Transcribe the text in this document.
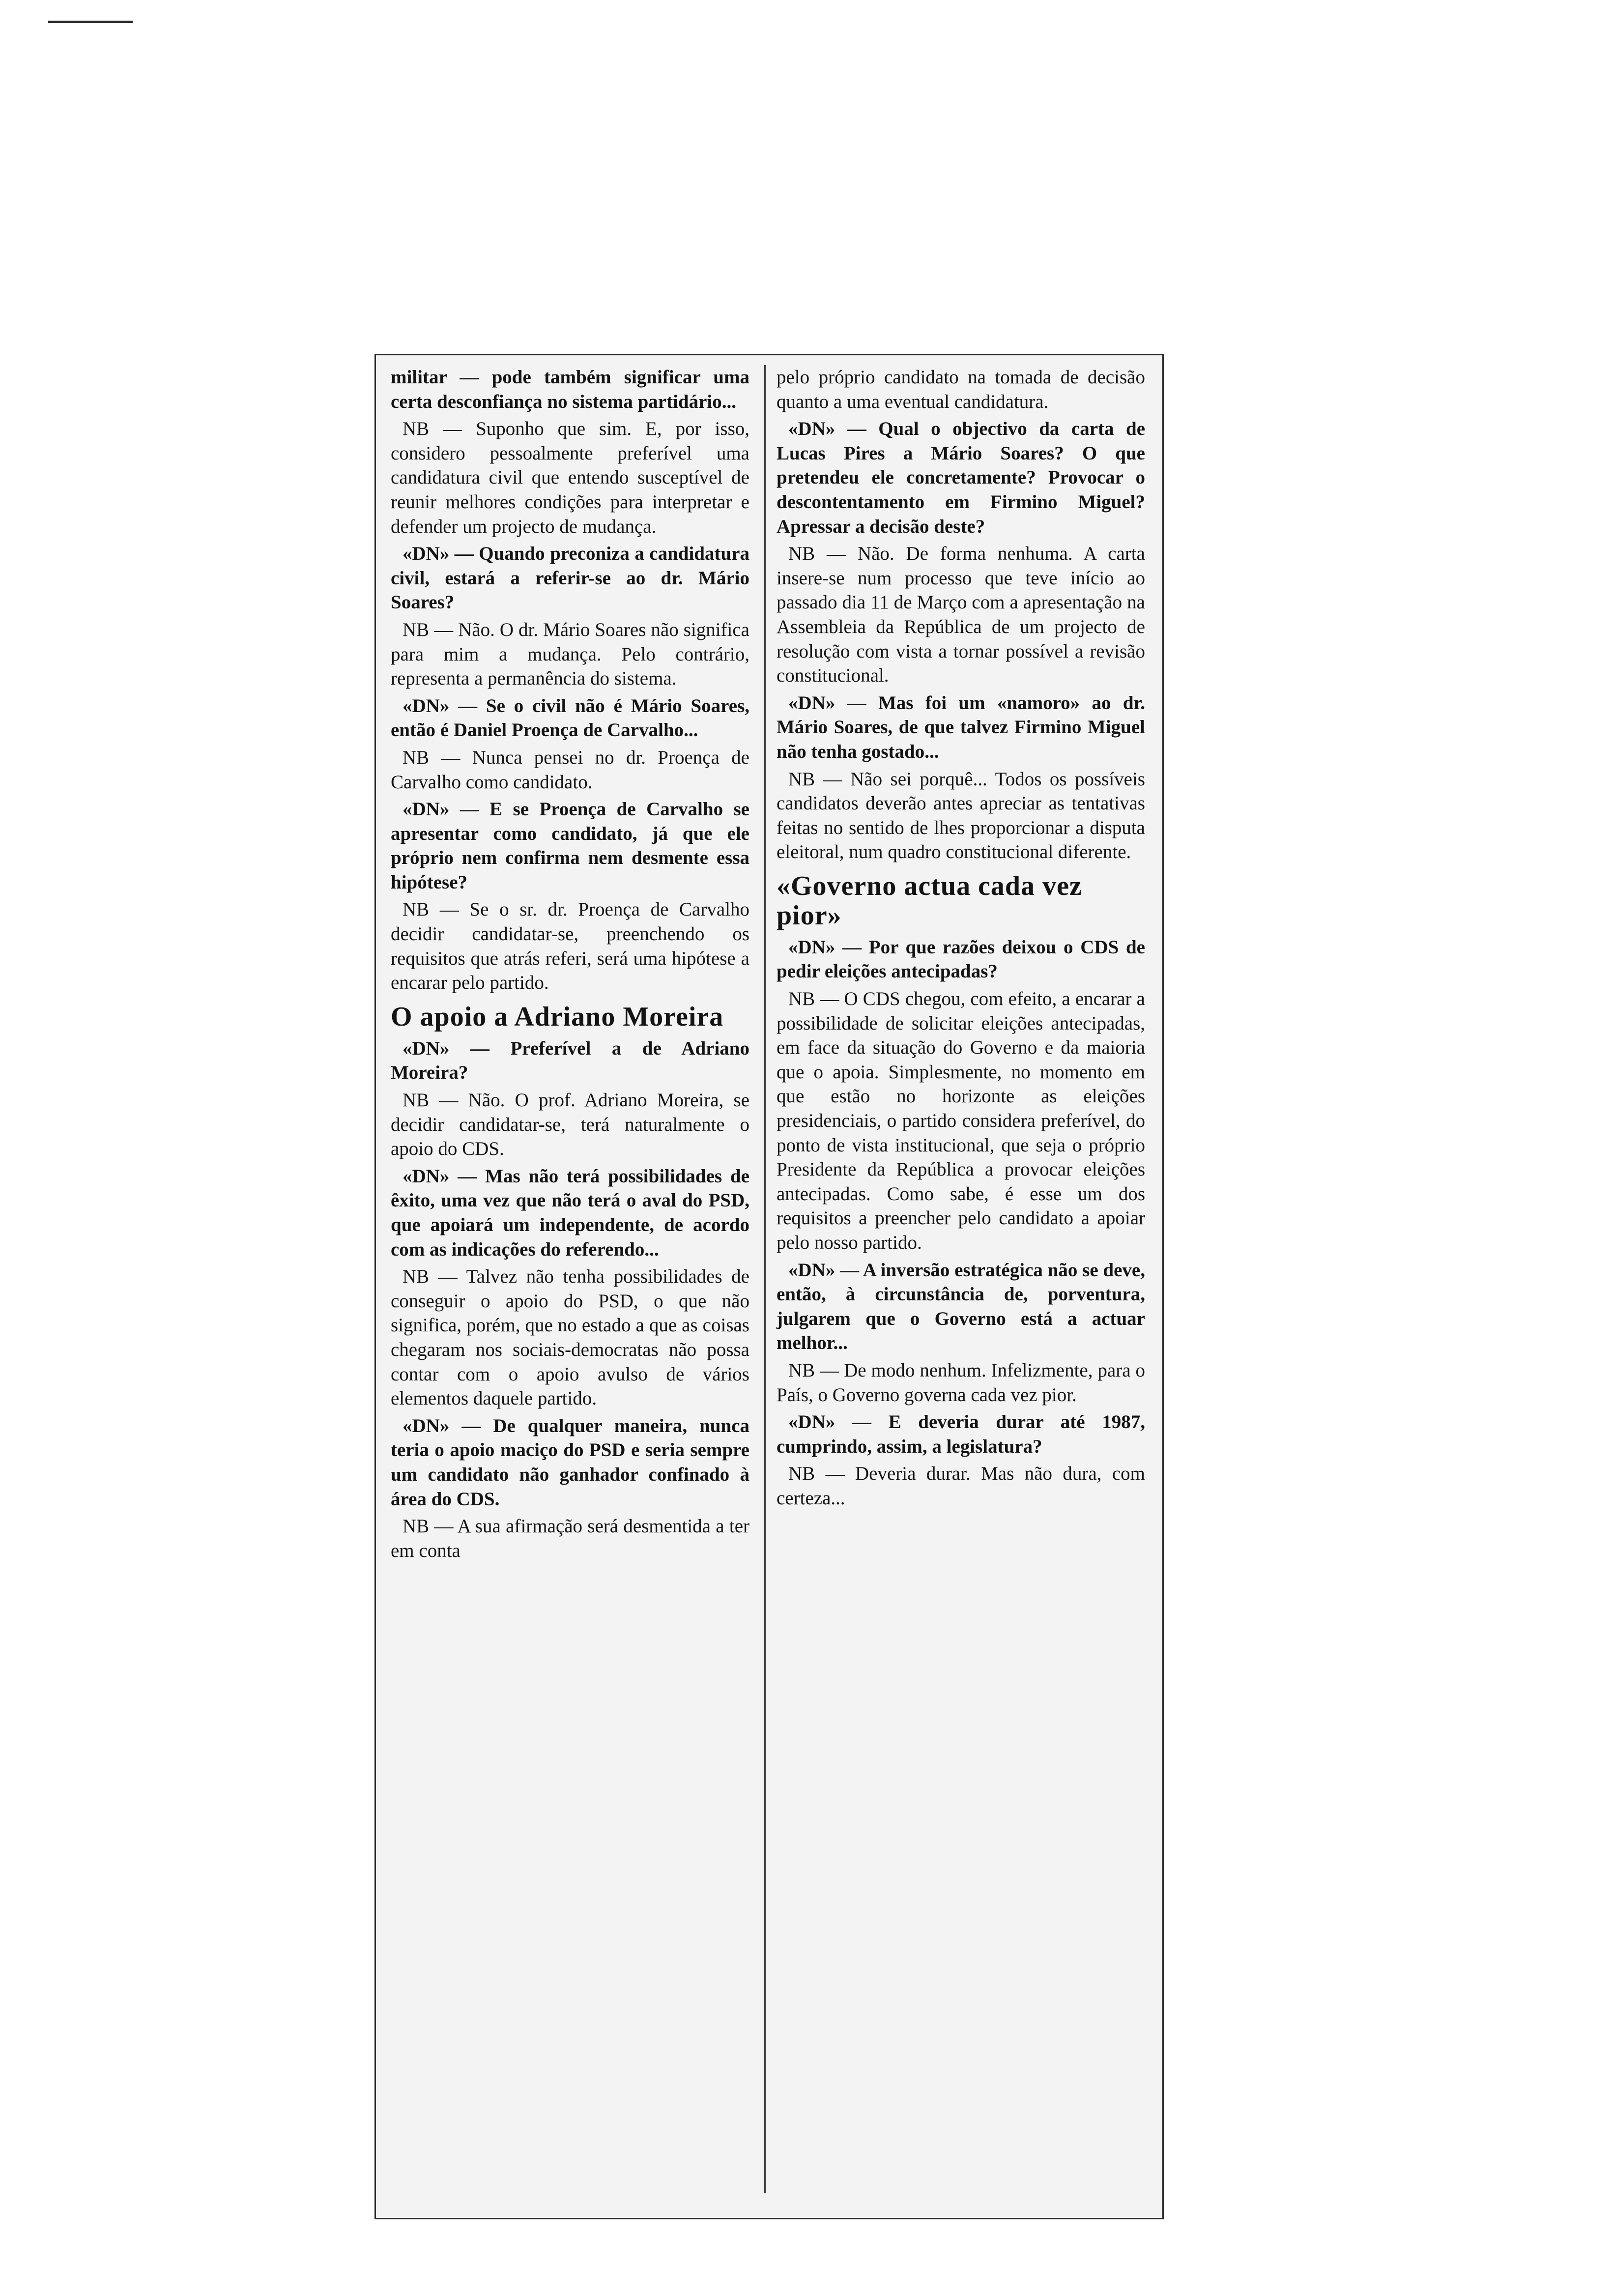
militar — pode também significar uma certa desconfiança no sistema partidário...

NB — Suponho que sim. E, por isso, considero pessoalmente preferível uma candidatura civil que entendo susceptível de reunir melhores condições para interpretar e defender um projecto de mudança.

«DN» — Quando preconiza a candidatura civil, estará a referir-se ao dr. Mário Soares?

NB — Não. O dr. Mário Soares não significa para mim a mudança. Pelo contrário, representa a permanência do sistema.

«DN» — Se o civil não é Mário Soares, então é Daniel Proença de Carvalho...

NB — Nunca pensei no dr. Proença de Carvalho como candidato.

«DN» — E se Proença de Carvalho se apresentar como candidato, já que ele próprio nem confirma nem desmente essa hipótese?

NB — Se o sr. dr. Proença de Carvalho decidir candidatar-se, preenchendo os requisitos que atrás referi, será uma hipótese a encarar pelo partido.

O apoio a Adriano Moreira

«DN» — Preferível a de Adriano Moreira?

NB — Não. O prof. Adriano Moreira, se decidir candidatar-se, terá naturalmente o apoio do CDS.

«DN» — Mas não terá possibilidades de êxito, uma vez que não terá o aval do PSD, que apoiará um independente, de acordo com as indicações do referendo...

NB — Talvez não tenha possibilidades de conseguir o apoio do PSD, o que não significa, porém, que no estado a que as coisas chegaram nos sociais-democratas não possa contar com o apoio avulso de vários elementos daquele partido.

«DN» — De qualquer maneira, nunca teria o apoio maciço do PSD e seria sempre um candidato não ganhador confinado à área do CDS.

NB — A sua afirmação será desmentida a ter em conta

pelo próprio candidato na tomada de decisão quanto a uma eventual candidatura.

«DN» — Qual o objectivo da carta de Lucas Pires a Mário Soares? O que pretendeu ele concretamente? Provocar o descontentamento em Firmino Miguel? Apressar a decisão deste?

NB — Não. De forma nenhuma. A carta insere-se num processo que teve início ao passado dia 11 de Março com a apresentação na Assembleia da República de um projecto de resolução com vista a tornar possível a revisão constitucional.

«DN» — Mas foi um «namoro» ao dr. Mário Soares, de que talvez Firmino Miguel não tenha gostado...

NB — Não sei porquê... Todos os possíveis candidatos deverão antes apreciar as tentativas feitas no sentido de lhes proporcionar a disputa eleitoral, num quadro constitucional diferente.

«Governo actua cada vez pior»

«DN» — Por que razões deixou o CDS de pedir eleições antecipadas?

NB — O CDS chegou, com efeito, a encarar a possibilidade de solicitar eleições antecipadas, em face da situação do Governo e da maioria que o apoia. Simplesmente, no momento em que estão no horizonte as eleições presidenciais, o partido considera preferível, do ponto de vista institucional, que seja o próprio Presidente da República a provocar eleições antecipadas. Como sabe, é esse um dos requisitos a preencher pelo candidato a apoiar pelo nosso partido.

«DN» — A inversão estratégica não se deve, então, à circunstância de, porventura, julgarem que o Governo está a actuar melhor...

NB — De modo nenhum. Infelizmente, para o País, o Governo governa cada vez pior.

«DN» — E deveria durar até 1987, cumprindo, assim, a legislatura?

NB — Deveria durar. Mas não dura, com certeza...
